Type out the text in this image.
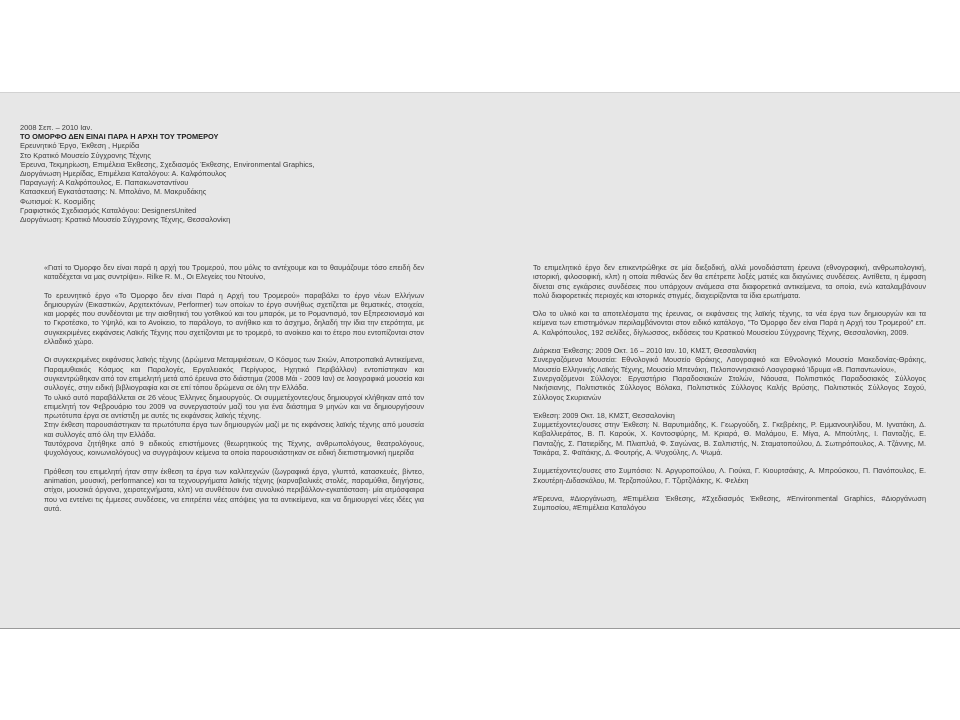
2008 Σεπ. – 2010 Ιαν.
ΤΟ ΟΜΟΡΦΟ ΔΕΝ ΕΙΝΑΙ ΠΑΡΑ Η ΑΡΧΗ ΤΟΥ ΤΡΟΜΕΡΟΥ
Ερευνητικό Έργο, Έκθεση , Ημερίδα
Στο Κρατικό Μουσείο Σύγχρονης Τέχνης
Έρευνα, Τεκμηρίωση, Επιμέλεια Έκθεσης, Σχεδιασμός Έκθεσης, Environmental Graphics,
Διοργάνωση Ημερίδας, Επιμέλεια Καταλόγου: Α. Καλφόπουλος
Παραγωγή: Α Καλφόπουλος, Ε. Παπακωνσταντίνου
Κατασκευή Εγκατάστασης: Ν. Μπολάνο, Μ. Μακρυδάκης
Φωτισμοί: Κ. Κοσμίδης
Γραφιστικός Σχεδιασμός Καταλόγου: DesignersUnited
Διοργάνωση: Κρατικό Μουσείο Σύγχρονης Τέχνης, Θεσσαλονίκη

«Γιατί το Όμορφο δεν είναι παρά η αρχή του Τρομερού, που μόλις το αντέχουμε και το θαυμάζουμε τόσο επειδή δεν καταδέχεται να μας συντρίψει». Rilke R. M., Οι Ελεγείες του Ντουίνο,

Το ερευνητικό έργο «Το Όμορφο δεν είναι Παρά η Αρχή του Τρομερού» παραβάλει το έργο νέων Ελλήνων δημιουργών (Εικαστικών, Αρχιτεκτόνων, Performer) των οποίων το έργο συνήθως σχετίζεται με θεματικές, στοιχεία, και μορφές που συνδέονται με την αισθητική του γοτθικού και του μπαρόκ, με το Ρομαντισμό, τον Εξπρεσιονισμό και το Γκροτέσκο, το Υψηλό, και το Ανοίκειο, το παράλογο, το ανήθικο και το άσχημο, δηλαδή την ίδια την ετερότητα, με συγκεκριμένες εκφάνσεις Λαϊκής Τέχνης που σχετίζονται με το τρομερό, το ανοίκειο και το έτερο που εντοπίζονται στον ελλαδικό χώρο.

Οι συγκεκριμένες εκφάνσεις λαϊκής τέχνης (Δρώμενα Μεταμφιέσεων, Ο Κόσμος των Σκιών, Αποτροπαϊκά Αντικείμενα, Παραμυθιακός Κόσμος και Παραλογές, Εργαλειακός Περίγυρος, Ηχητικό Περιβάλλον) εντοπίστηκαν και συγκεντρώθηκαν από τον επιμελητή μετά από έρευνα στο διάστημα (2008 Μάι - 2009 Ιαν) σε λαογραφικά μουσεία και συλλογές, στην ειδική βιβλιογραφία και σε επί τόπου δρώμενα σε όλη την Ελλάδα.

Το υλικό αυτό παραβάλλεται σε 26 νέους Έλληνες δημιουργούς. Οι συμμετέχοντες/ους δημιουργοί κλήθηκαν από τον επιμελητή τον Φεβρουάριο του 2009 να συνεργαστούν μαζί του για ένα διάστημα 9 μηνών και να δημιουργήσουν πρωτότυπα έργα σε αντίστιξη με αυτές τις εκφάνσεις λαϊκής τέχνης.

Στην έκθεση παρουσιάστηκαν τα πρωτότυπα έργα των δημιουργών μαζί με τις εκφάνσεις λαϊκής τέχνης από μουσεία και συλλογές από όλη την Ελλάδα.

Ταυτόχρονα ζητήθηκε από 9 ειδικούς επιστήμονες (θεωρητικούς της Τέχνης, ανθρωπολόγους, θεατρολόγους, ψυχολόγους, κοινωνιολόγους) να συγγράψουν κείμενα τα οποία παρουσιάστηκαν σε ειδική διεπιστημονική ημερίδα

Πρόθεση του επιμελητή ήταν στην έκθεση τα έργα των καλλιτεχνών (ζωγραφικά έργα, γλυπτά, κατασκευές, βίντεο, animation, μουσική, performance) και τα τεχνουργήματα λαϊκής τέχνης (καρναβαλικές στολές, παραμύθια, διηγήσεις, στίχοι, μουσικά όργανα, χειροτεχνήματα, κλπ) να συνθέτουν ένα συνολικό περιβάλλον-εγκατάσταση· μία ατμόσφαιρα που να εντείνει τις έμμεσες συνδέσεις, να επιτρέπει νέες απόψεις για τα αντικείμενα, και να δημιουργεί νέες ιδέες για αυτά.

Το επιμελητικό έργο δεν επικεντρώθηκε σε μία διεξοδική, αλλά μονοδιάστατη έρευνα (εθνογραφική, ανθρωπολογική, ιστορική, φιλοσοφική, κλπ) η οποία πιθανώς δεν θα επέτρεπε λοξές ματιές και διαγώνιες συνδέσεις. Αντίθετα, η έμφαση δίνεται στις εγκάρσιες συνδέσεις που υπάρχουν ανάμεσα στα διαφορετικά αντικείμενα, τα οποία, ενώ καταλαμβάνουν πολύ διαφορετικές περιοχές και ιστορικές στιγμές, διαχειρίζονται τα ίδια ερωτήματα.

Όλο το υλικό και τα αποτελέσματα της έρευνας, οι εκφάνσεις της λαϊκής τέχνης, τα νέα έργα των δημιουργών και τα κείμενα των επιστημόνων περιλαμβάνονται στον ειδικό κατάλογο, "Το Όμορφο δεν είναι Παρά η Αρχή του Τρομερού" επ. Α. Καλφόπουλος, 192 σελίδες, δίγλωσσος, εκδόσεις του Κρατικού Μουσείου Σύγχρονης Τέχνης, Θεσσαλονίκη, 2009.

Διάρκεια Έκθεσης: 2009 Οκτ. 16 – 2010 Ιαν. 10, ΚΜΣΤ, Θεσσαλονίκη

Συνεργαζόμενα Μουσεία: Εθνολογικό Μουσείο Θράκης, Λαογραφικό και Εθνολογικό Μουσείο Μακεδονίας-Θράκης, Μουσείο Ελληνικής Λαϊκής Τέχνης, Μουσείο Μπενάκη, Πελοποννησιακό Λαογραφικό Ίδρυμα «Β. Παπαντωνίου»,

Συνεργαζόμενοι Σύλλογοι: Εργαστήριο Παραδοσιακών Στολών, Νάουσα, Πολιτιστικός Παραδοσιακός Σύλλογος Νικήσιανης, Πολιτιστικός Σύλλογος Βόλακα, Πολιτιστικός Σύλλογος Καλής Βρύσης, Πολιτιστικός Σύλλογος Σοχού, Σύλλογος Σκυριανών

Έκθεση: 2009 Οκτ. 18, ΚΜΣΤ, Θεσσαλονίκη

Συμμετέχοντες/ουσες στην Έκθεση: Ν. Βαρυτιμιάδης, Κ. Γεωργούδη, Σ. Γκεβρέκης, Ρ. Εμμανουηλίδου, Μ. Ιγνατάκη, Δ. Καβαλλιεράτος, Β. Π. Καρούκ, Χ. Κοντοσφύρης, Μ. Κριαρά, Θ. Μαλάμου, Ε. Μίγα, Α. Μπούτλης, Ι. Πανταζής, Ε. Πανταζής, Σ. Πατιερίδης, Μ. Πλιαπλιά, Φ. Σαγώνας, Β. Σαλπιστής, Ν. Σταματοπούλου, Δ. Σωτηρόπουλος, Α. Τζάννης, Μ. Τσικάρα, Σ. Φαϊτάκης, Δ. Φουτρής, Α. Ψυχούλης, Λ. Ψωμά.

Συμμετέχοντες/ουσες στο Συμπόσιο: Ν. Αργυροπούλου, Λ. Γιούκα, Γ. Κιουρτσάκης, Α. Μπρούσκου, Π. Πανόπουλος, Ε. Σκουτέρη-Διδασκάλου, Μ. Τερζοπούλου, Γ. Τζιρτζιλάκης, Κ. Φελέκη

#Έρευνα, #Διοργάνωση, #Επιμέλεια Έκθεσης, #Σχεδιασμός Έκθεσης, #Environmental Graphics, #Διοργάνωση Συμποσίου, #Επιμέλεια Καταλόγου
